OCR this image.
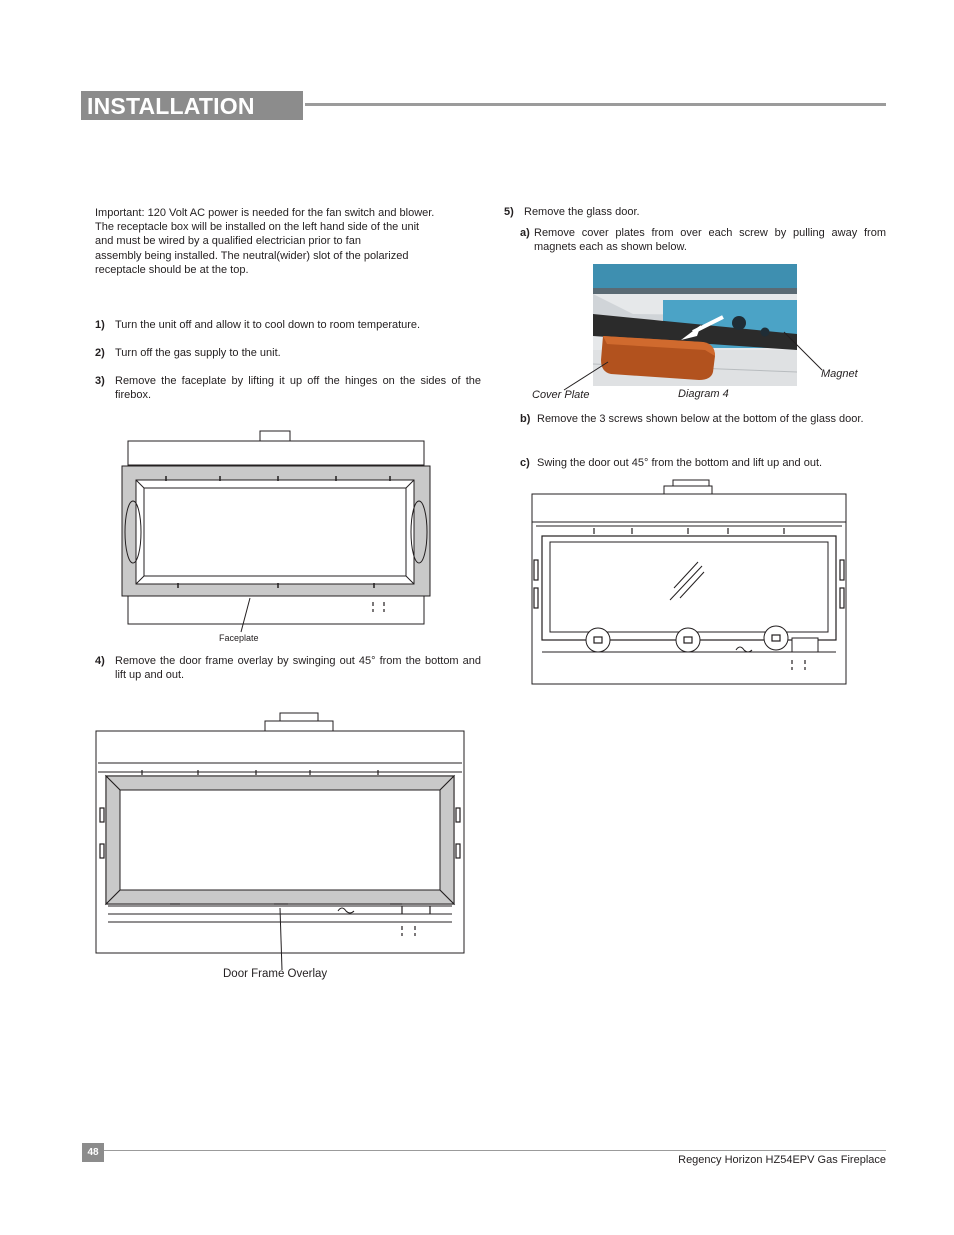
INSTALLATION
Important: 120 Volt AC power is needed for the fan switch and blower.
The receptacle box will be installed on the left hand side of the unit
and must be wired by a qualified electrician prior to fan
assembly being installed. The neutral(wider) slot of the polarized
receptacle should be at the top.
1) Turn the unit off and allow it to cool down to room temperature.
2) Turn off the gas supply to the unit.
3) Remove the faceplate by lifting it up off the hinges on the sides of the firebox.
Faceplate
4) Remove the door frame overlay by swinging out 45° from the bottom and lift up and out.
Door Frame Overlay
5) Remove the glass door.
a) Remove cover plates from over each screw by pulling away from magnets each as shown below.
Cover Plate	Diagram 4
Magnet
b) Remove the 3 screws shown below at the bottom of the glass door.
c) Swing the door out 45° from the bottom and lift up and out.
48
Regency Horizon HZ54EPV Gas Fireplace
